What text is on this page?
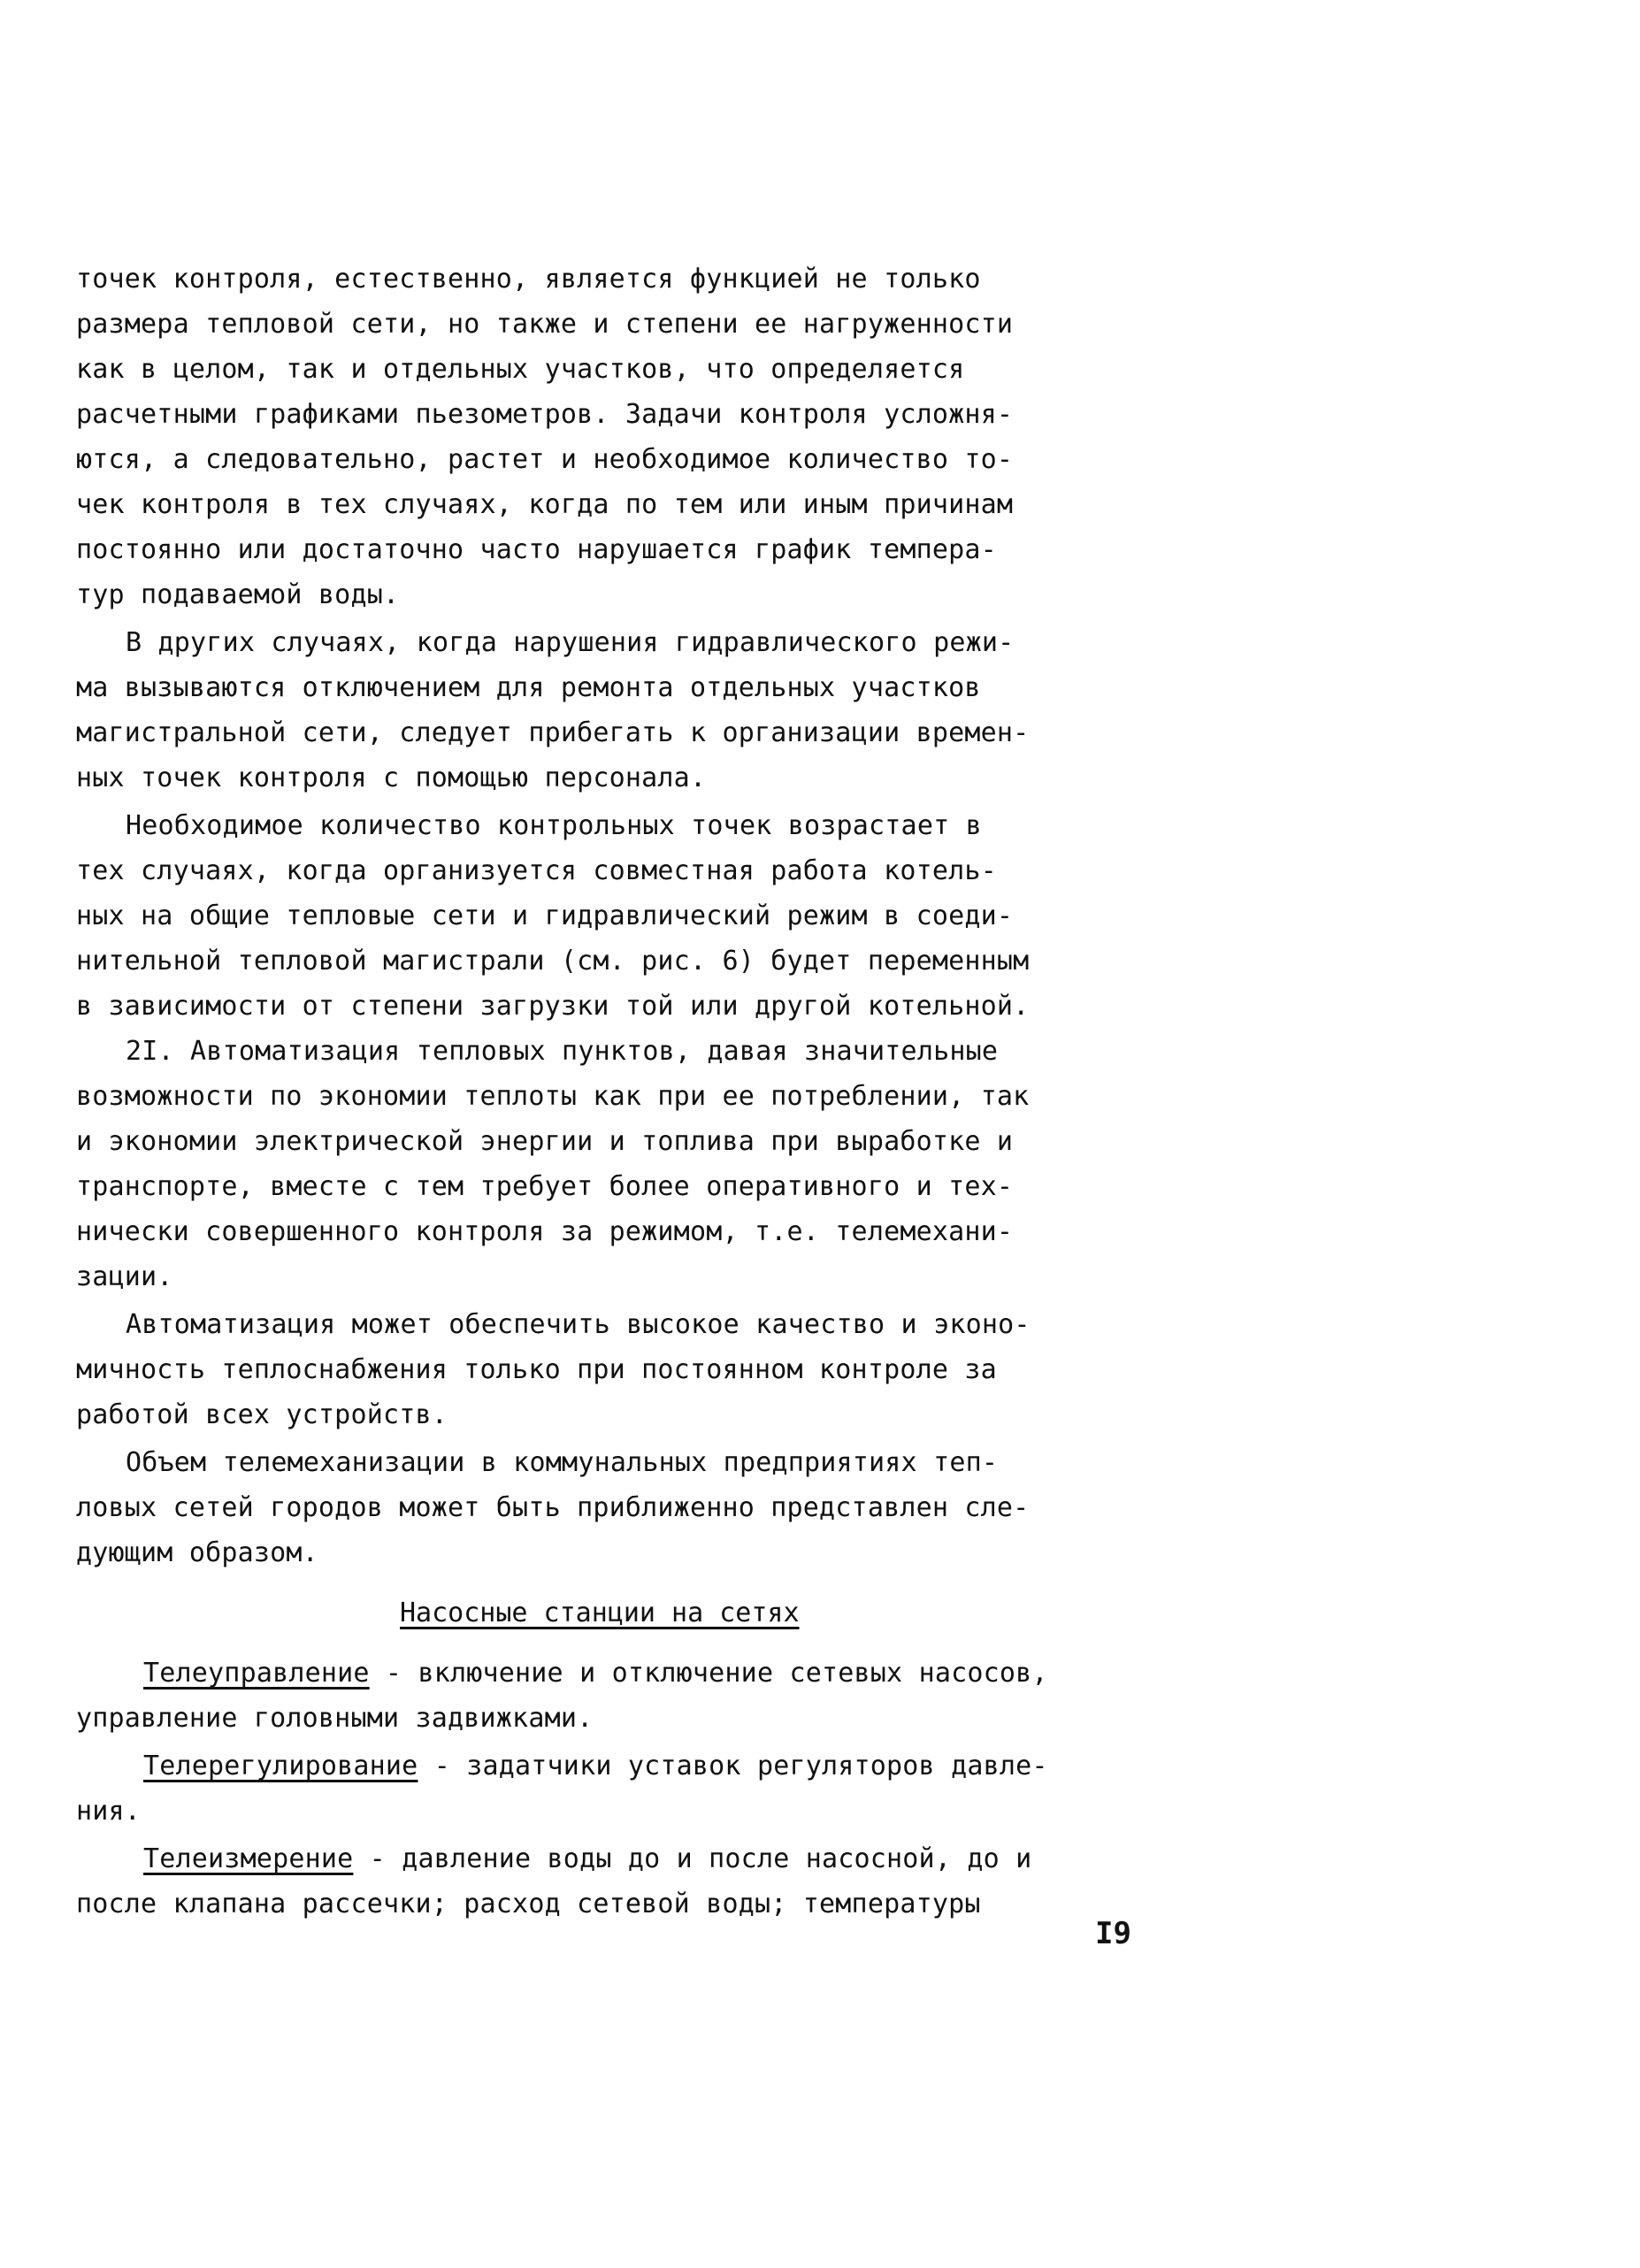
точек контроля, естественно, является функцией не только
размера тепловой сети, но также и степени ее нагруженности
как в целом, так и отдельных участков, что определяется
расчетными графиками пьезометров. Задачи контроля усложня-
ются, а следовательно, растет и необходимое количество то-
чек контроля в тех случаях, когда по тем или иным причинам
постоянно или достаточно часто нарушается график темпера-
тур подаваемой воды.
В других случаях, когда нарушения гидравлического режи-
ма вызываются отключением для ремонта отдельных участков
магистральной сети, следует прибегать к организации времен-
ных точек контроля с помощью персонала.
Необходимое количество контрольных точек возрастает в
тех случаях, когда организуется совместная работа котель-
ных на общие тепловые сети и гидравлический режим в соеди-
нительной тепловой магистрали (см. рис. 6) будет переменным
в зависимости от степени загрузки той или другой котельной.
2I. Автоматизация тепловых пунктов, давая значительные
возможности по экономии теплоты как при ее потреблении, так
и экономии электрической энергии и топлива при выработке и
транспорте, вместе с тем требует более оперативного и тех-
нически совершенного контроля за режимом, т.е. телемехани-
зации.
Автоматизация может обеспечить высокое качество и эконо-
мичность теплоснабжения только при постоянном контроле за
работой всех устройств.
Объем телемеханизации в коммунальных предприятиях теп-
ловых сетей городов может быть приближенно представлен сле-
дующим образом.
Насосные станции на сетях
Телеуправление - включение и отключение сетевых насосов,
управление головными задвижками.
Телерегулирование - задатчики уставок регуляторов давле-
ния.
Телеизмерение - давление воды до и после насосной, до и
после клапана рассечки; расход сетевой воды; температуры
I9
